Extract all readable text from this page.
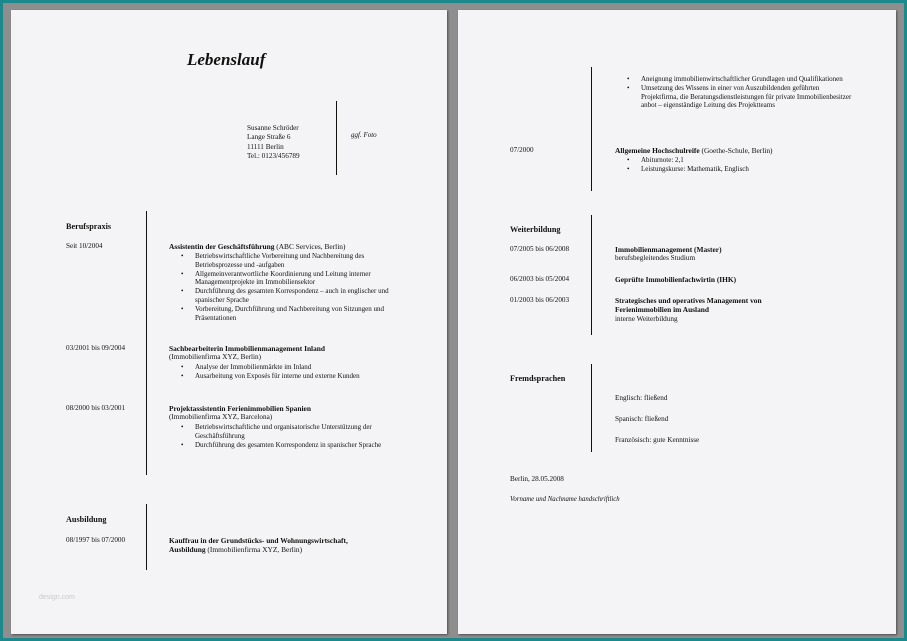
Lebenslauf
Susanne Schröder
Lange Straße 6
11111 Berlin
Tel.: 0123/456789
ggf. Foto
Berufspraxis
Seit 10/2004	Assistentin der Geschäftsführung (ABC Services, Berlin)
• Betriebswirtschaftliche Vorbereitung und Nachbereitung des Betriebsprozesse und -aufgaben
• Allgemeinverantwortliche Koordinierung und Leitung interner Managementprojekte im Immobiliensektor
• Durchführung des gesamten Korrespondenz – auch in englischer und spanischer Sprache
• Vorbereitung, Durchführung und Nachbereitung von Sitzungen und Präsentationen
03/2001 bis 09/2004	Sachbearbeiterin Immobilienmanagement Inland
(Immobilienfirma XYZ, Berlin)
• Analyse der Immobilienmärkte im Inland
• Ausarbeitung von Exposés für interne und externe Kunden
08/2000 bis 03/2001	Projektassistentin Ferienimmobilien Spanien
(Immobilienfirma XYZ, Barcelona)
• Betriebswirtschaftliche und organisatorische Unterstützung der Geschäftsführung
• Durchführung des gesamten Korrespondenz in spanischer Sprache
Ausbildung
08/1997 bis 07/2000	Kauffrau in der Grundstücks- und Wohnungswirtschaft,
Ausbildung (Immobilienfirma XYZ, Berlin)
design.com
• Aneignung immobilienwirtschaftlicher Grundlagen und Qualifikationen
• Umsetzung des Wissens in einer von Auszubildenden geführten Projektfirma, die Beratungsdienstleistungen für private Immobilienbesitzer anbot – eigenständige Leitung des Projektteams
07/2000	Allgemeine Hochschulreife (Goethe-Schule, Berlin)
• Abiturnote: 2,1
• Leistungskurse: Mathematik, Englisch
Weiterbildung
07/2005 bis 06/2008	Immobilienmanagement (Master)
berufsbegleitendes Studium
06/2003 bis 05/2004	Geprüfte Immobilienfachwirtin (IHK)
01/2003 bis 06/2003	Strategisches und operatives Management von Ferienimmobilien im Ausland
interne Weiterbildung
Fremdsprachen
Englisch: fließend
Spanisch: fließend
Französisch: gute Kenntnisse
Berlin, 28.05.2008
Vorname und Nachname handschriftlich
